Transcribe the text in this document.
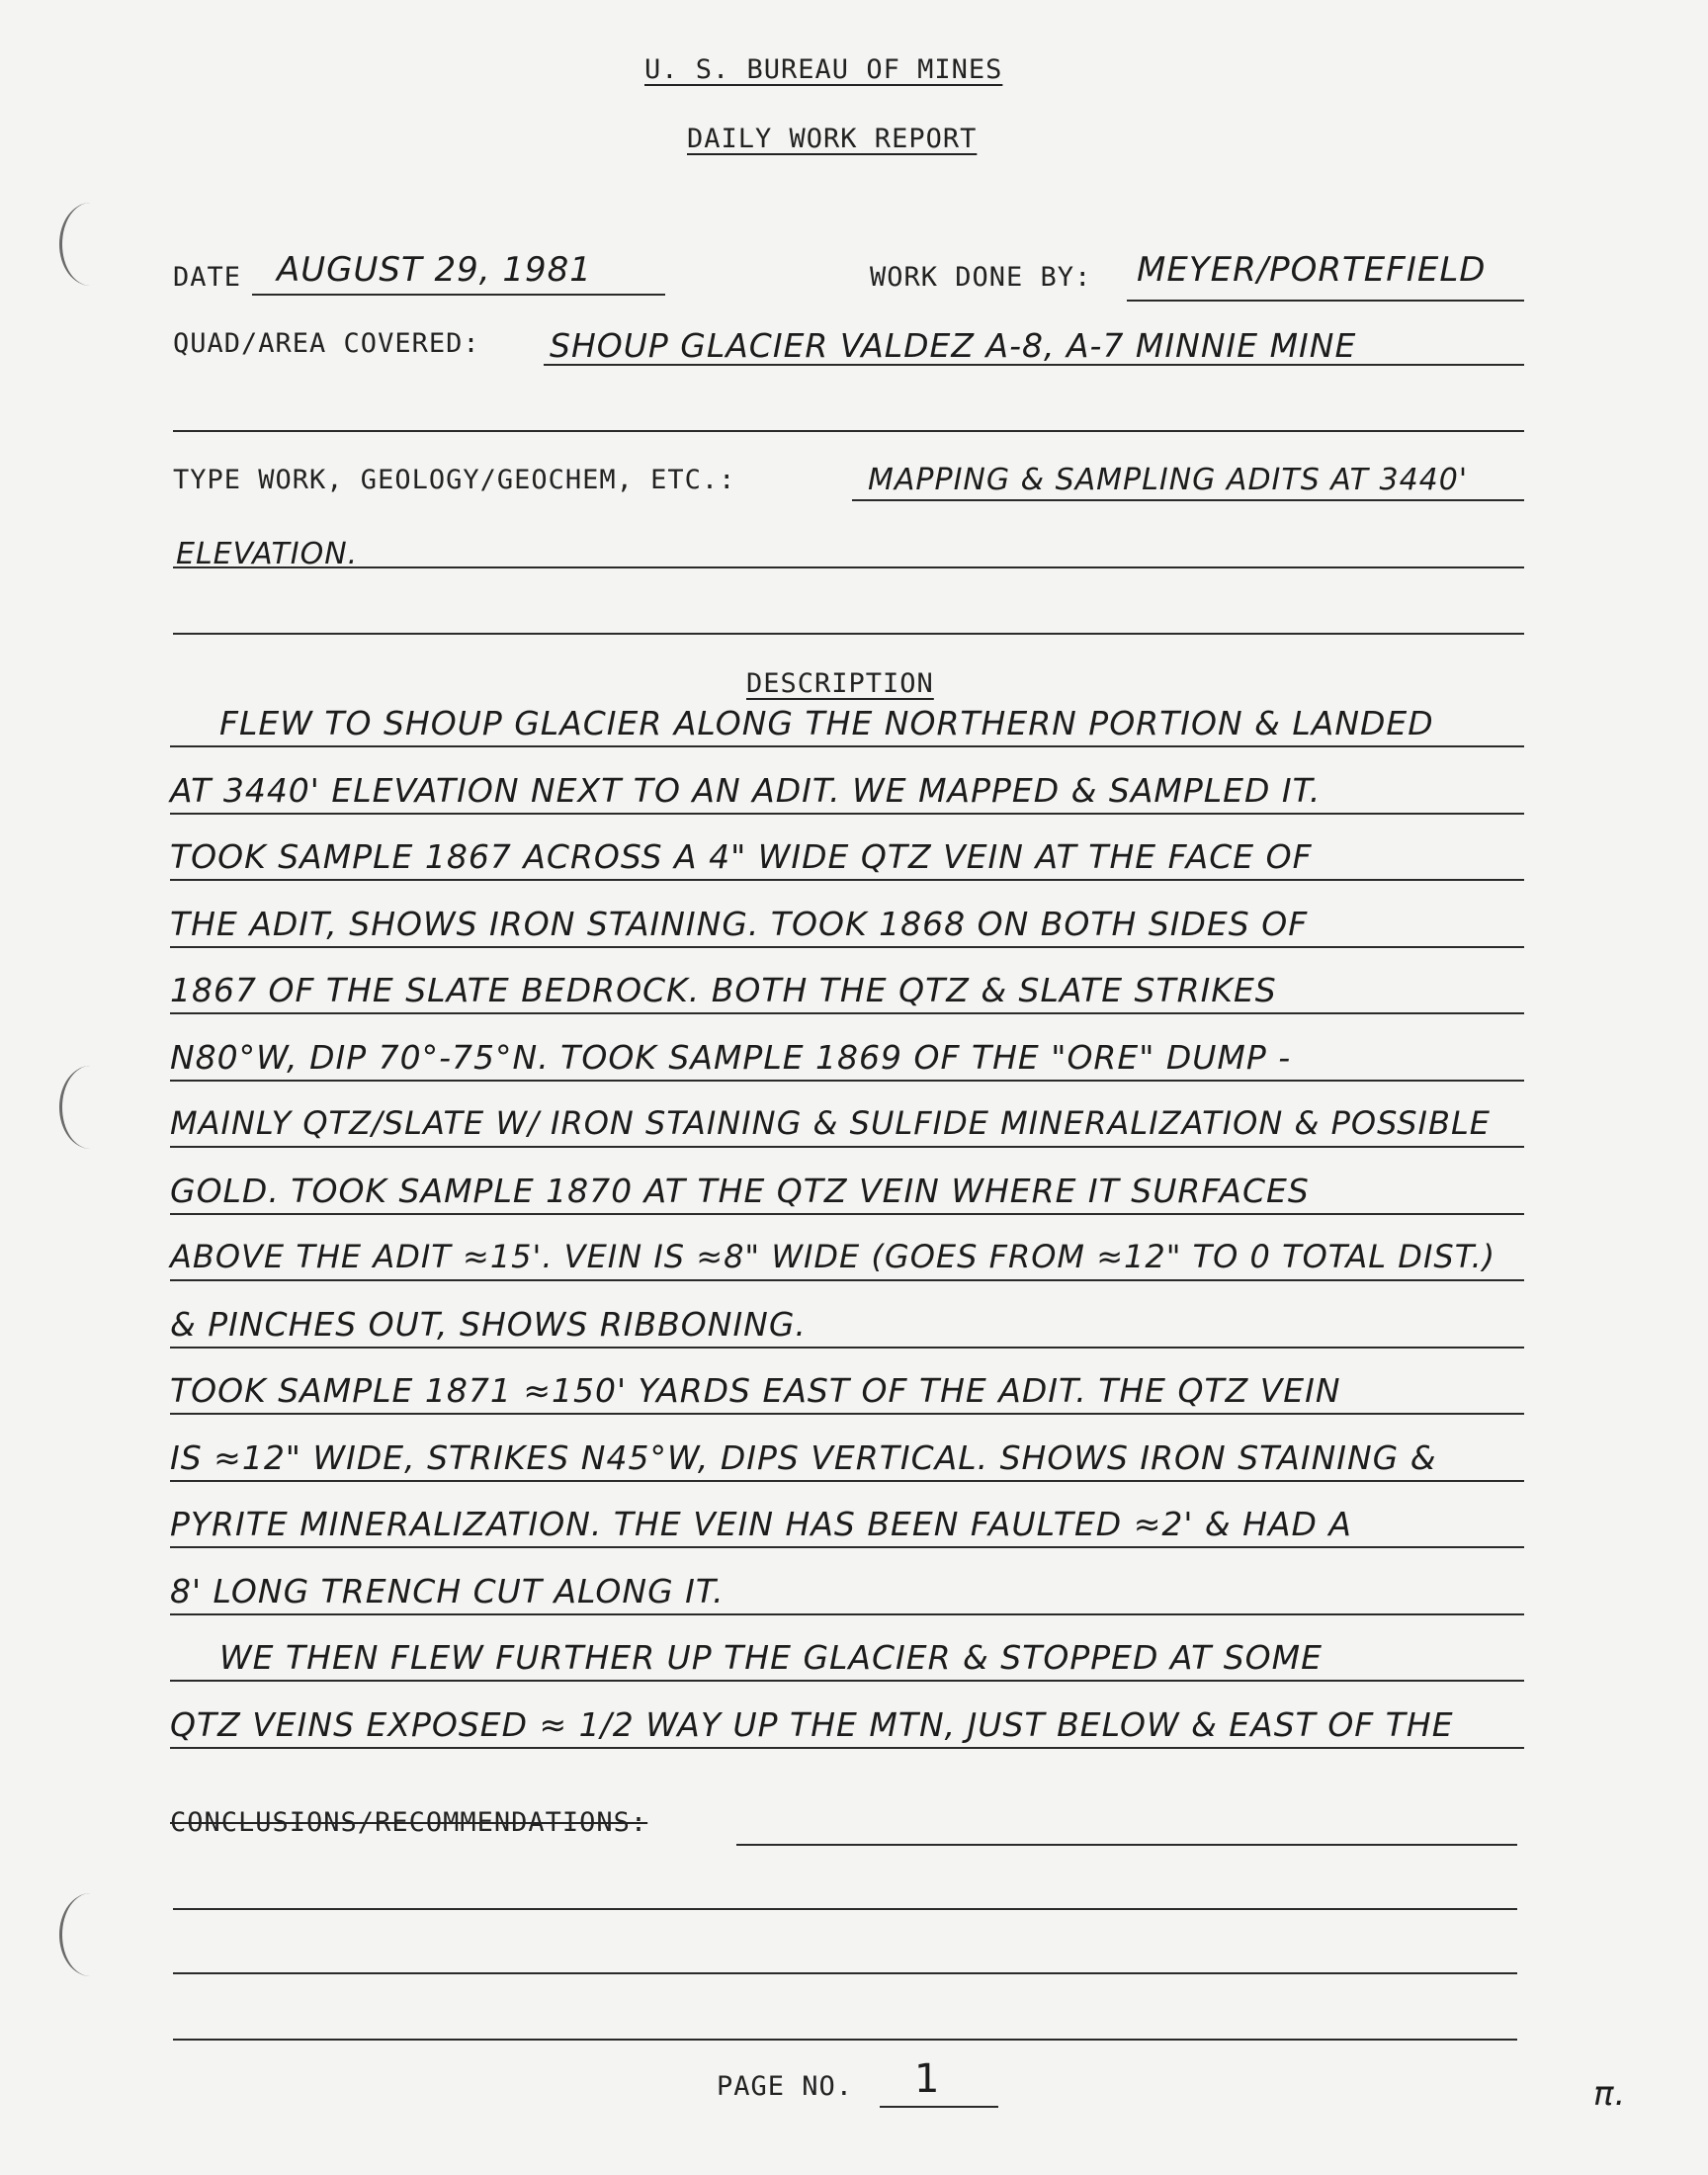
U. S. BUREAU OF MINES
DAILY WORK REPORT
DATE AUGUST 29, 1981	WORK DONE BY: MEYER/PORTEFIELD
QUAD/AREA COVERED: SHOUP GLACIER VALDEZ A-8, A-7 MINNIE MINE
TYPE WORK, GEOLOGY/GEOCHEM, ETC.:	MAPPING & SAMPLING ADITS AT 3440'
ELEVATION.
DESCRIPTION
FLEW TO SHOUP GLACIER ALONG THE NORTHERN PORTION & LANDED
AT 3440' ELEVATION NEXT TO AN ADIT. WE MAPPED & SAMPLED IT.
TOOK SAMPLE 1867 ACROSS A 4" WIDE QTZ VEIN AT THE FACE OF
THE ADIT, SHOWS IRON STAINING. TOOK 1868 ON BOTH SIDES OF
1867 OF THE SLATE BEDROCK. BOTH THE QTZ & SLATE STRIKES
N80°W, DIP 70°-75°N. TOOK SAMPLE 1869 OF THE "ORE" DUMP -
MAINLY QTZ/SLATE W/ IRON STAINING & SULFIDE MINERALIZATION & POSSIBLE
GOLD. TOOK SAMPLE 1870 AT THE QTZ VEIN WHERE IT SURFACES
ABOVE THE ADIT ≈15'. VEIN IS ≈8" WIDE (GOES FROM ≈12" TO 0 TOTAL DIST.)
& PINCHES OUT, SHOWS RIBBONING.
TOOK SAMPLE 1871 ≈150' YARDS EAST OF THE ADIT. THE QTZ VEIN
IS ≈12" WIDE, STRIKES N45°W, DIPS VERTICAL. SHOWS IRON STAINING &
PYRITE MINERALIZATION. THE VEIN HAS BEEN FAULTED ≈2' & HAD A
8' LONG TRENCH CUT ALONG IT.
WE THEN FLEW FURTHER UP THE GLACIER & STOPPED AT SOME
QTZ VEINS EXPOSED ≈ 1/2 WAY UP THE MTN, JUST BELOW & EAST OF THE
CONCLUSIONS/RECOMMENDATIONS:
PAGE NO. 1	π.
